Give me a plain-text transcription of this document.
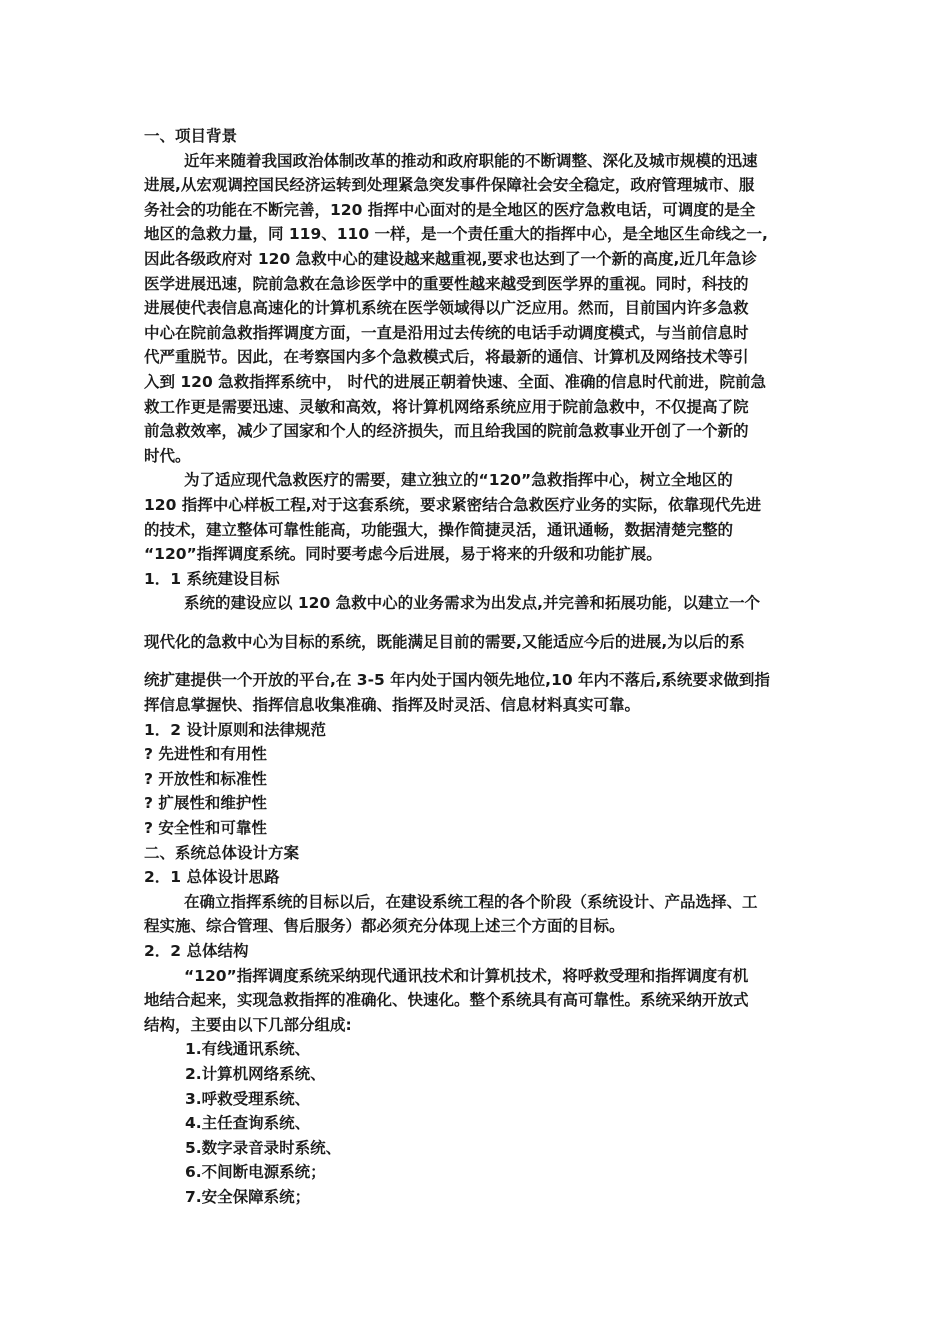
一、项目背景
近年来随着我国政治体制改革的推动和政府职能的不断调整、深化及城市规模的迅速
进展,从宏观调控国民经济运转到处理紧急突发事件保障社会安全稳定，政府管理城市、服
务社会的功能在不断完善，120 指挥中心面对的是全地区的医疗急救电话，可调度的是全
地区的急救力量，同 119、110 一样，是一个责任重大的指挥中心，是全地区生命线之一,
因此各级政府对 120 急救中心的建设越来越重视,要求也达到了一个新的高度,近几年急诊
医学进展迅速，院前急救在急诊医学中的重要性越来越受到医学界的重视。同时，科技的
进展使代表信息高速化的计算机系统在医学领域得以广泛应用。然而，目前国内许多急救
中心在院前急救指挥调度方面，一直是沿用过去传统的电话手动调度模式，与当前信息时
代严重脱节。因此，在考察国内多个急救模式后，将最新的通信、计算机及网络技术等引
入到 120 急救指挥系统中， 时代的进展正朝着快速、全面、准确的信息时代前进，院前急
救工作更是需要迅速、灵敏和高效，将计算机网络系统应用于院前急救中，不仅提高了院
前急救效率，减少了国家和个人的经济损失，而且给我国的院前急救事业开创了一个新的
时代。
为了适应现代急救医疗的需要，建立独立的“120”急救指挥中心，树立全地区的
120 指挥中心样板工程,对于这套系统，要求紧密结合急救医疗业务的实际，依靠现代先进
的技术，建立整体可靠性能高，功能强大，操作简捷灵活，通讯通畅，数据清楚完整的
“120”指挥调度系统。同时要考虑今后进展，易于将来的升级和功能扩展。
1．1 系统建设目标
系统的建设应以 120 急救中心的业务需求为出发点,并完善和拓展功能，以建立一个
现代化的急救中心为目标的系统，既能满足目前的需要,又能适应今后的进展,为以后的系
统扩建提供一个开放的平台,在 3-5 年内处于国内领先地位,10 年内不落后,系统要求做到指
挥信息掌握快、指挥信息收集准确、指挥及时灵活、信息材料真实可靠。
1．2 设计原则和法律规范
? 先进性和有用性
? 开放性和标准性
? 扩展性和维护性
? 安全性和可靠性
二、系统总体设计方案
2．1 总体设计思路
在确立指挥系统的目标以后，在建设系统工程的各个阶段（系统设计、产品选择、工
程实施、综合管理、售后服务）都必须充分体现上述三个方面的目标。
2．2 总体结构
“120”指挥调度系统采纳现代通讯技术和计算机技术，将呼救受理和指挥调度有机
地结合起来，实现急救指挥的准确化、快速化。整个系统具有高可靠性。系统采纳开放式
结构，主要由以下几部分组成:
1.有线通讯系统、
2.计算机网络系统、
3.呼救受理系统、
4.主任查询系统、
5.数字录音录时系统、
6.不间断电源系统；
7.安全保障系统；
